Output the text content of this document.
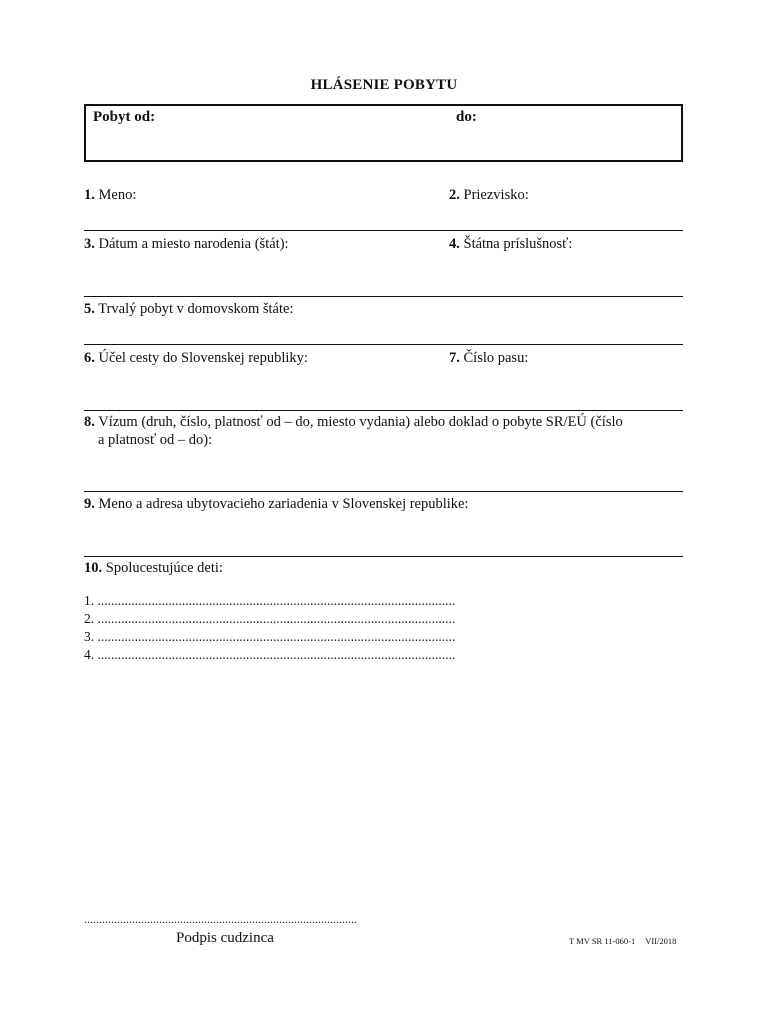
HLÁSENIE POBYTU
Pobyt od:	do:
1. Meno:	2. Priezvisko:
3. Dátum a miesto narodenia (štát):	4. Štátna príslušnosť:
5. Trvalý pobyt v domovskom štáte:
6. Účel cesty do Slovenskej republiky:	7. Číslo pasu:
8. Vízum (druh, číslo, platnosť od – do, miesto vydania) alebo doklad o pobyte SR/EÚ (číslo
a platnosť od – do):
9. Meno a adresa ubytovacieho zariadenia v Slovenskej republike:
10. Spolucestujúce deti:
1. ..........................................................................................................
2. ..........................................................................................................
3. ..........................................................................................................
4. ..........................................................................................................
...........................................................................................
Podpis cudzinca	T MV SR 11-060-1 VII/2018
